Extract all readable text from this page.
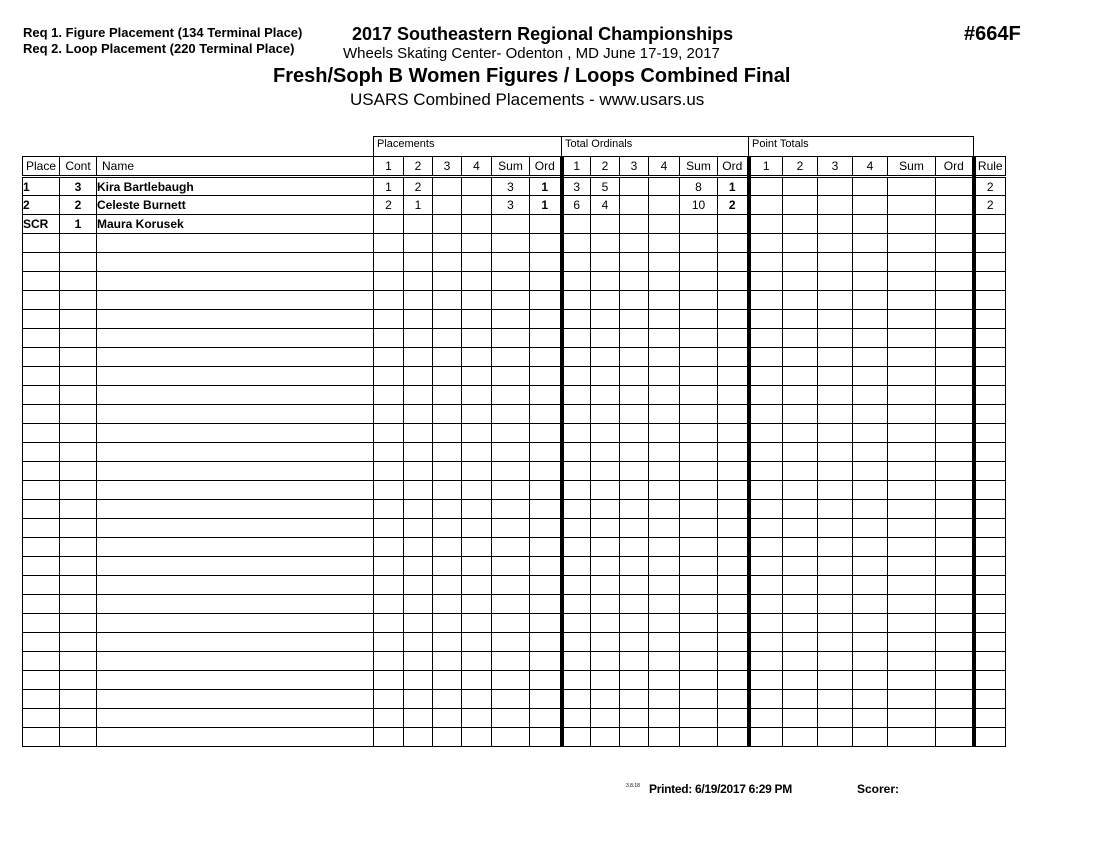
Req 1. Figure Placement (134 Terminal Place)
Req 2. Loop Placement (220 Terminal Place)
2017 Southeastern Regional Championships
Wheels Skating Center- Odenton , MD June 17-19, 2017
Fresh/Soph B Women Figures / Loops Combined Final
USARS Combined Placements - www.usars.us
#664F
Placements	Total Ordinals	Point Totals
Place	Cont	Name	1	2	3	4	Sum	Ord	1	2	3	4	Sum	Ord	1	2	3	4	Sum	Ord	Rule
1	3	Kira Bartlebaugh	1	2			3	1	3	5			8	1							2
2	2	Celeste Burnett	2	1			3	1	6	4			10	2							2
SCR	1	Maura Korusek																			

3.8.18 Printed: 6/19/2017 6:29 PM	Scorer:
